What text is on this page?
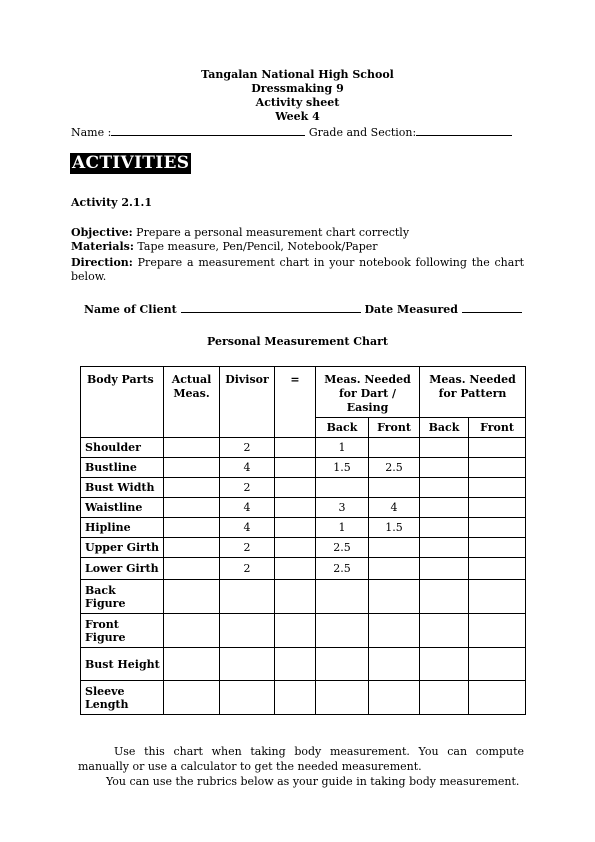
Tangalan National High School
Dressmaking 9
Activity sheet
Week 4
Name :	Grade and Section:
ACTIVITIES
Activity 2.1.1
Objective: Prepare a personal measurement chart correctly
Materials: Tape measure, Pen/Pencil, Notebook/Paper
Direction: Prepare a measurement chart in your notebook following the chart below.
Name of Client	Date Measured
Personal Measurement Chart
Body Parts	Actual Meas.	Divisor	=	Meas. Needed for Dart / Easing		Meas. Needed for Pattern	
				Back	Front	Back	Front
Shoulder		2		1			
Bustline		4		1.5	2.5		
Bust Width		2					
Waistline		4		3	4		
Hipline		4		1	1.5		
Upper Girth		2		2.5			
Lower Girth		2		2.5			
Back Figure							
Front Figure							
Bust Height							
Sleeve Length							
Use this chart when taking body measurement. You can compute manually or use a calculator to get the needed measurement.
You can use the rubrics below as your guide in taking body measurement.
